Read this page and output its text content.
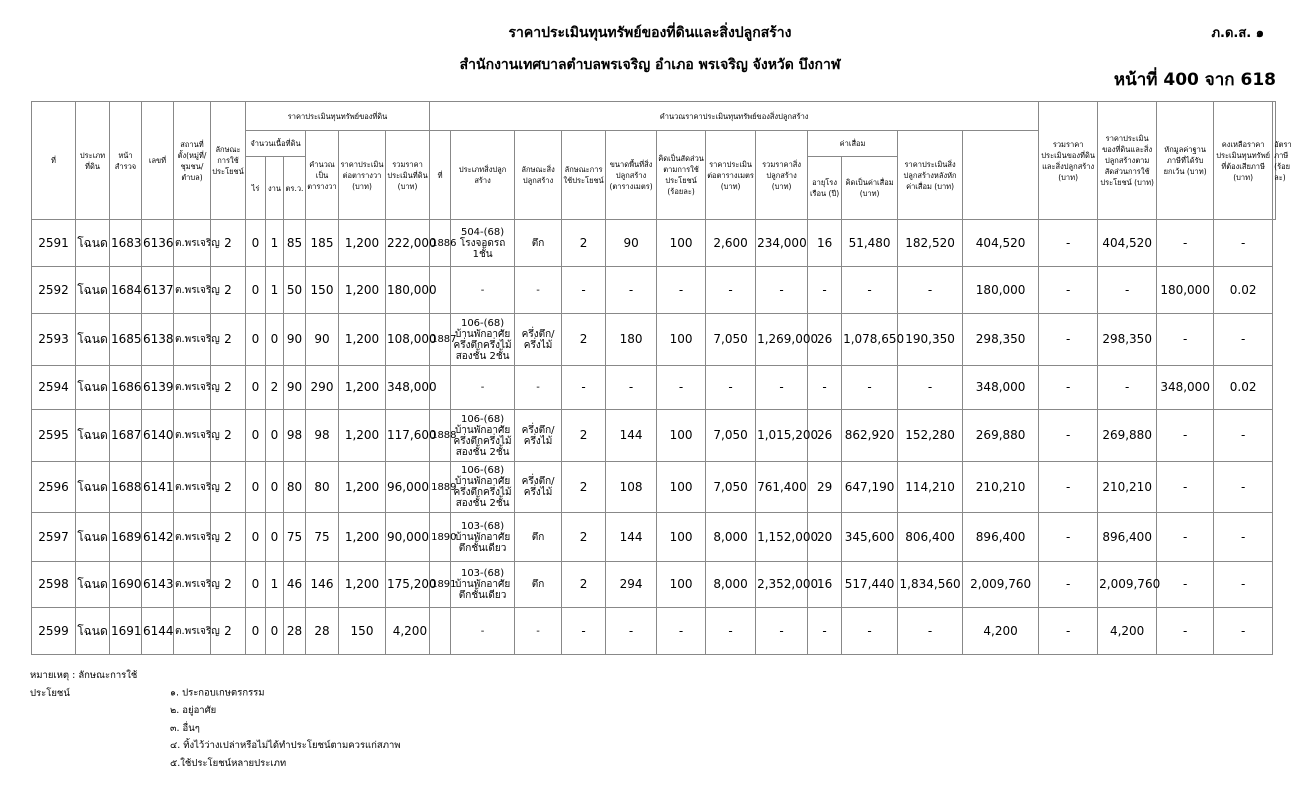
ราคาประเมินทุนทรัพย์ของที่ดินและสิ่งปลูกสร้าง
สำนักงานเทศบาลตำบลพรเจริญ อำเภอ พรเจริญ จังหวัด บึงกาฬ
ภ.ด.ส. ๑
หน้าที่ 400 จาก 618
ที่	ประเภทที่ดิน	หน้าสำรวจ	เลขที่	สถานที่ตั้ง(หมู่ที่/ชุมชน/ตำบล)	ลักษณะการใช้ประโยชน์	ราคาประเมินทุนทรัพย์ของที่ดิน						คำนวณราคาประเมินทุนทรัพย์ของสิ่งปลูกสร้าง												รวมราคาประเมินของที่ดินและสิ่งปลูกสร้าง (บาท)	ราคาประเมินของที่ดินและสิ่งปลูกสร้างตามสัดส่วนการใช้ประโยชน์ (บาท)	หักมูลค่าฐานภาษีที่ได้รับยกเว้น (บาท)	คงเหลือราคาประเมินทุนทรัพย์ที่ต้องเสียภาษี (บาท)	อัตราภาษี (ร้อยละ)
						จำนวนเนื้อที่ดิน			คำนวณเป็นตารางวา	ราคาประเมินต่อตารางวา (บาท)	รวมราคาประเมินที่ดิน (บาท)	ที่	ประเภทสิ่งปลูกสร้าง	ลักษณะสิ่งปลูกสร้าง	ลักษณะการใช้ประโยชน์	ขนาดพื้นที่สิ่งปลูกสร้าง (ตารางเมตร)	คิดเป็นสัดส่วนตามการใช้ประโยชน์ (ร้อยละ)	ราคาประเมินต่อตารางเมตร (บาท)	รวมราคาสิ่งปลูกสร้าง (บาท)	ค่าเสื่อม		ราคาประเมินสิ่งปลูกสร้างหลังหักค่าเสื่อม (บาท)						
						ไร่	งาน	ตร.ว.												อายุโรงเรือน (ปี)	คิดเป็นค่าเสื่อม (บาท)							
2591	โฉนด	1683	6136	ต.พรเจริญ	2	0	1	85	185	1,200	222,000	1886	504-(68) โรงจอดรถ 1ชั้น	ตึก	2	90	100	2,600	234,000	16	51,480	182,520	404,520	-	404,520	-	-	
2592	โฉนด	1684	6137	ต.พรเจริญ	2	0	1	50	150	1,200	180,000		-	-	-	-	-	-	-	-	-	-	180,000	-	-	180,000	0.02	
2593	โฉนด	1685	6138	ต.พรเจริญ	2	0	0	90	90	1,200	108,000	1887	106-(68) บ้านพักอาศัยครึ่งตึกครึ่งไม้สองชั้น 2ชั้น	ครึ่งตึก/ครึ่งไม้	2	180	100	7,050	1,269,000	26	1,078,650	190,350	298,350	-	298,350	-	-	
2594	โฉนด	1686	6139	ต.พรเจริญ	2	0	2	90	290	1,200	348,000		-	-	-	-	-	-	-	-	-	-	348,000	-	-	348,000	0.02	
2595	โฉนด	1687	6140	ต.พรเจริญ	2	0	0	98	98	1,200	117,600	1888	106-(68) บ้านพักอาศัยครึ่งตึกครึ่งไม้สองชั้น 2ชั้น	ครึ่งตึก/ครึ่งไม้	2	144	100	7,050	1,015,200	26	862,920	152,280	269,880	-	269,880	-	-	
2596	โฉนด	1688	6141	ต.พรเจริญ	2	0	0	80	80	1,200	96,000	1889	106-(68) บ้านพักอาศัยครึ่งตึกครึ่งไม้สองชั้น 2ชั้น	ครึ่งตึก/ครึ่งไม้	2	108	100	7,050	761,400	29	647,190	114,210	210,210	-	210,210	-	-	
2597	โฉนด	1689	6142	ต.พรเจริญ	2	0	0	75	75	1,200	90,000	1890	103-(68) บ้านพักอาศัยตึกชั้นเดียว	ตึก	2	144	100	8,000	1,152,000	20	345,600	806,400	896,400	-	896,400	-	-	
2598	โฉนด	1690	6143	ต.พรเจริญ	2	0	1	46	146	1,200	175,200	1891	103-(68) บ้านพักอาศัยตึกชั้นเดียว	ตึก	2	294	100	8,000	2,352,000	16	517,440	1,834,560	2,009,760	-	2,009,760	-	-	
2599	โฉนด	1691	6144	ต.พรเจริญ	2	0	0	28	28	150	4,200		-	-	-	-	-	-	-	-	-	-	4,200	-	4,200	-	-	
หมายเหตุ : ลักษณะการใช้ประโยชน์	๑. ประกอบเกษตรกรรม
๒. อยู่อาศัย
๓. อื่นๆ
๔. ทิ้งไว้ว่างเปล่าหรือไม่ได้ทำประโยชน์ตามควรแก่สภาพ
๕.ใช้ประโยชน์หลายประเภท
